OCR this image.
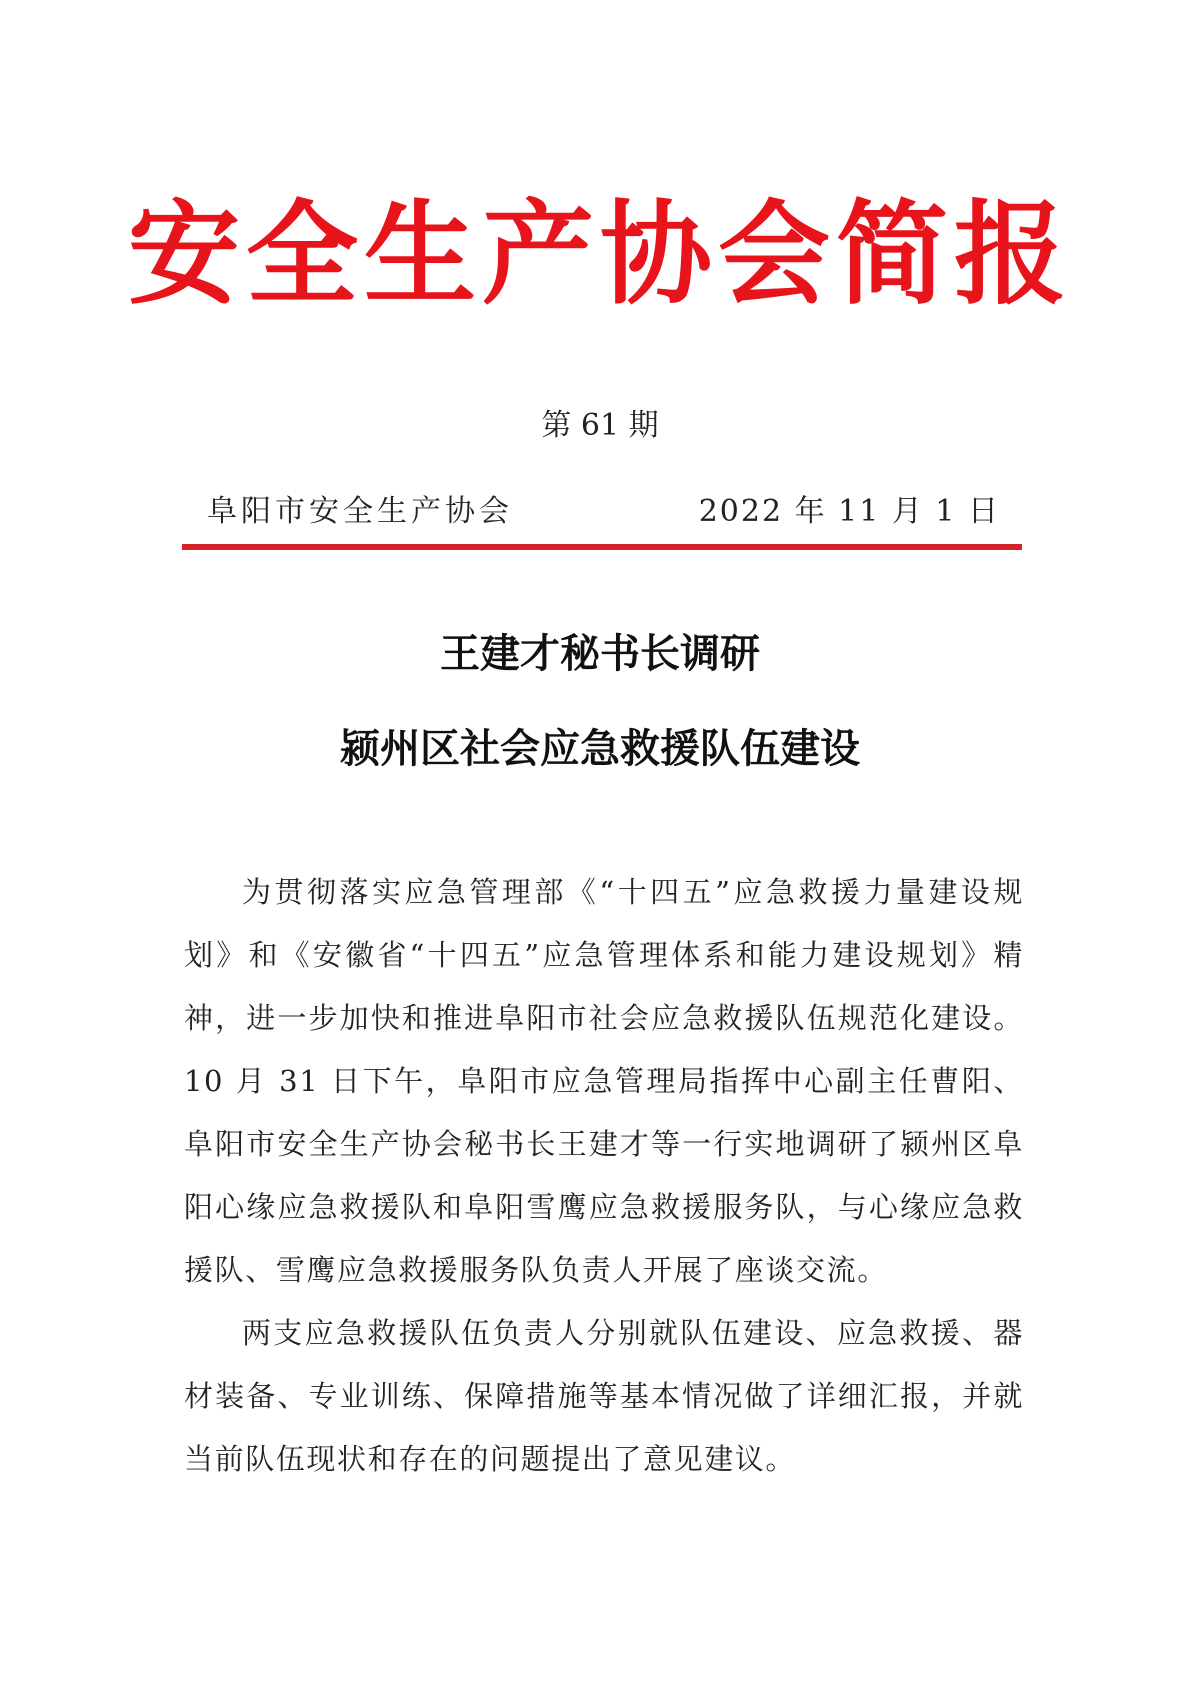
安全生产协会简报
第 61 期
阜阳市安全生产协会	2022 年 11 月 1 日
王建才秘书长调研
颍州区社会应急救援队伍建设

为贯彻落实应急管理部《“十四五”应急救援力量建设规划》和《安徽省“十四五”应急管理体系和能力建设规划》精神，进一步加快和推进阜阳市社会应急救援队伍规范化建设。10 月 31 日下午，阜阳市应急管理局指挥中心副主任曹阳、阜阳市安全生产协会秘书长王建才等一行实地调研了颍州区阜阳心缘应急救援队和阜阳雪鹰应急救援服务队，与心缘应急救援队、雪鹰应急救援服务队负责人开展了座谈交流。

两支应急救援队伍负责人分别就队伍建设、应急救援、器材装备、专业训练、保障措施等基本情况做了详细汇报，并就当前队伍现状和存在的问题提出了意见建议。
